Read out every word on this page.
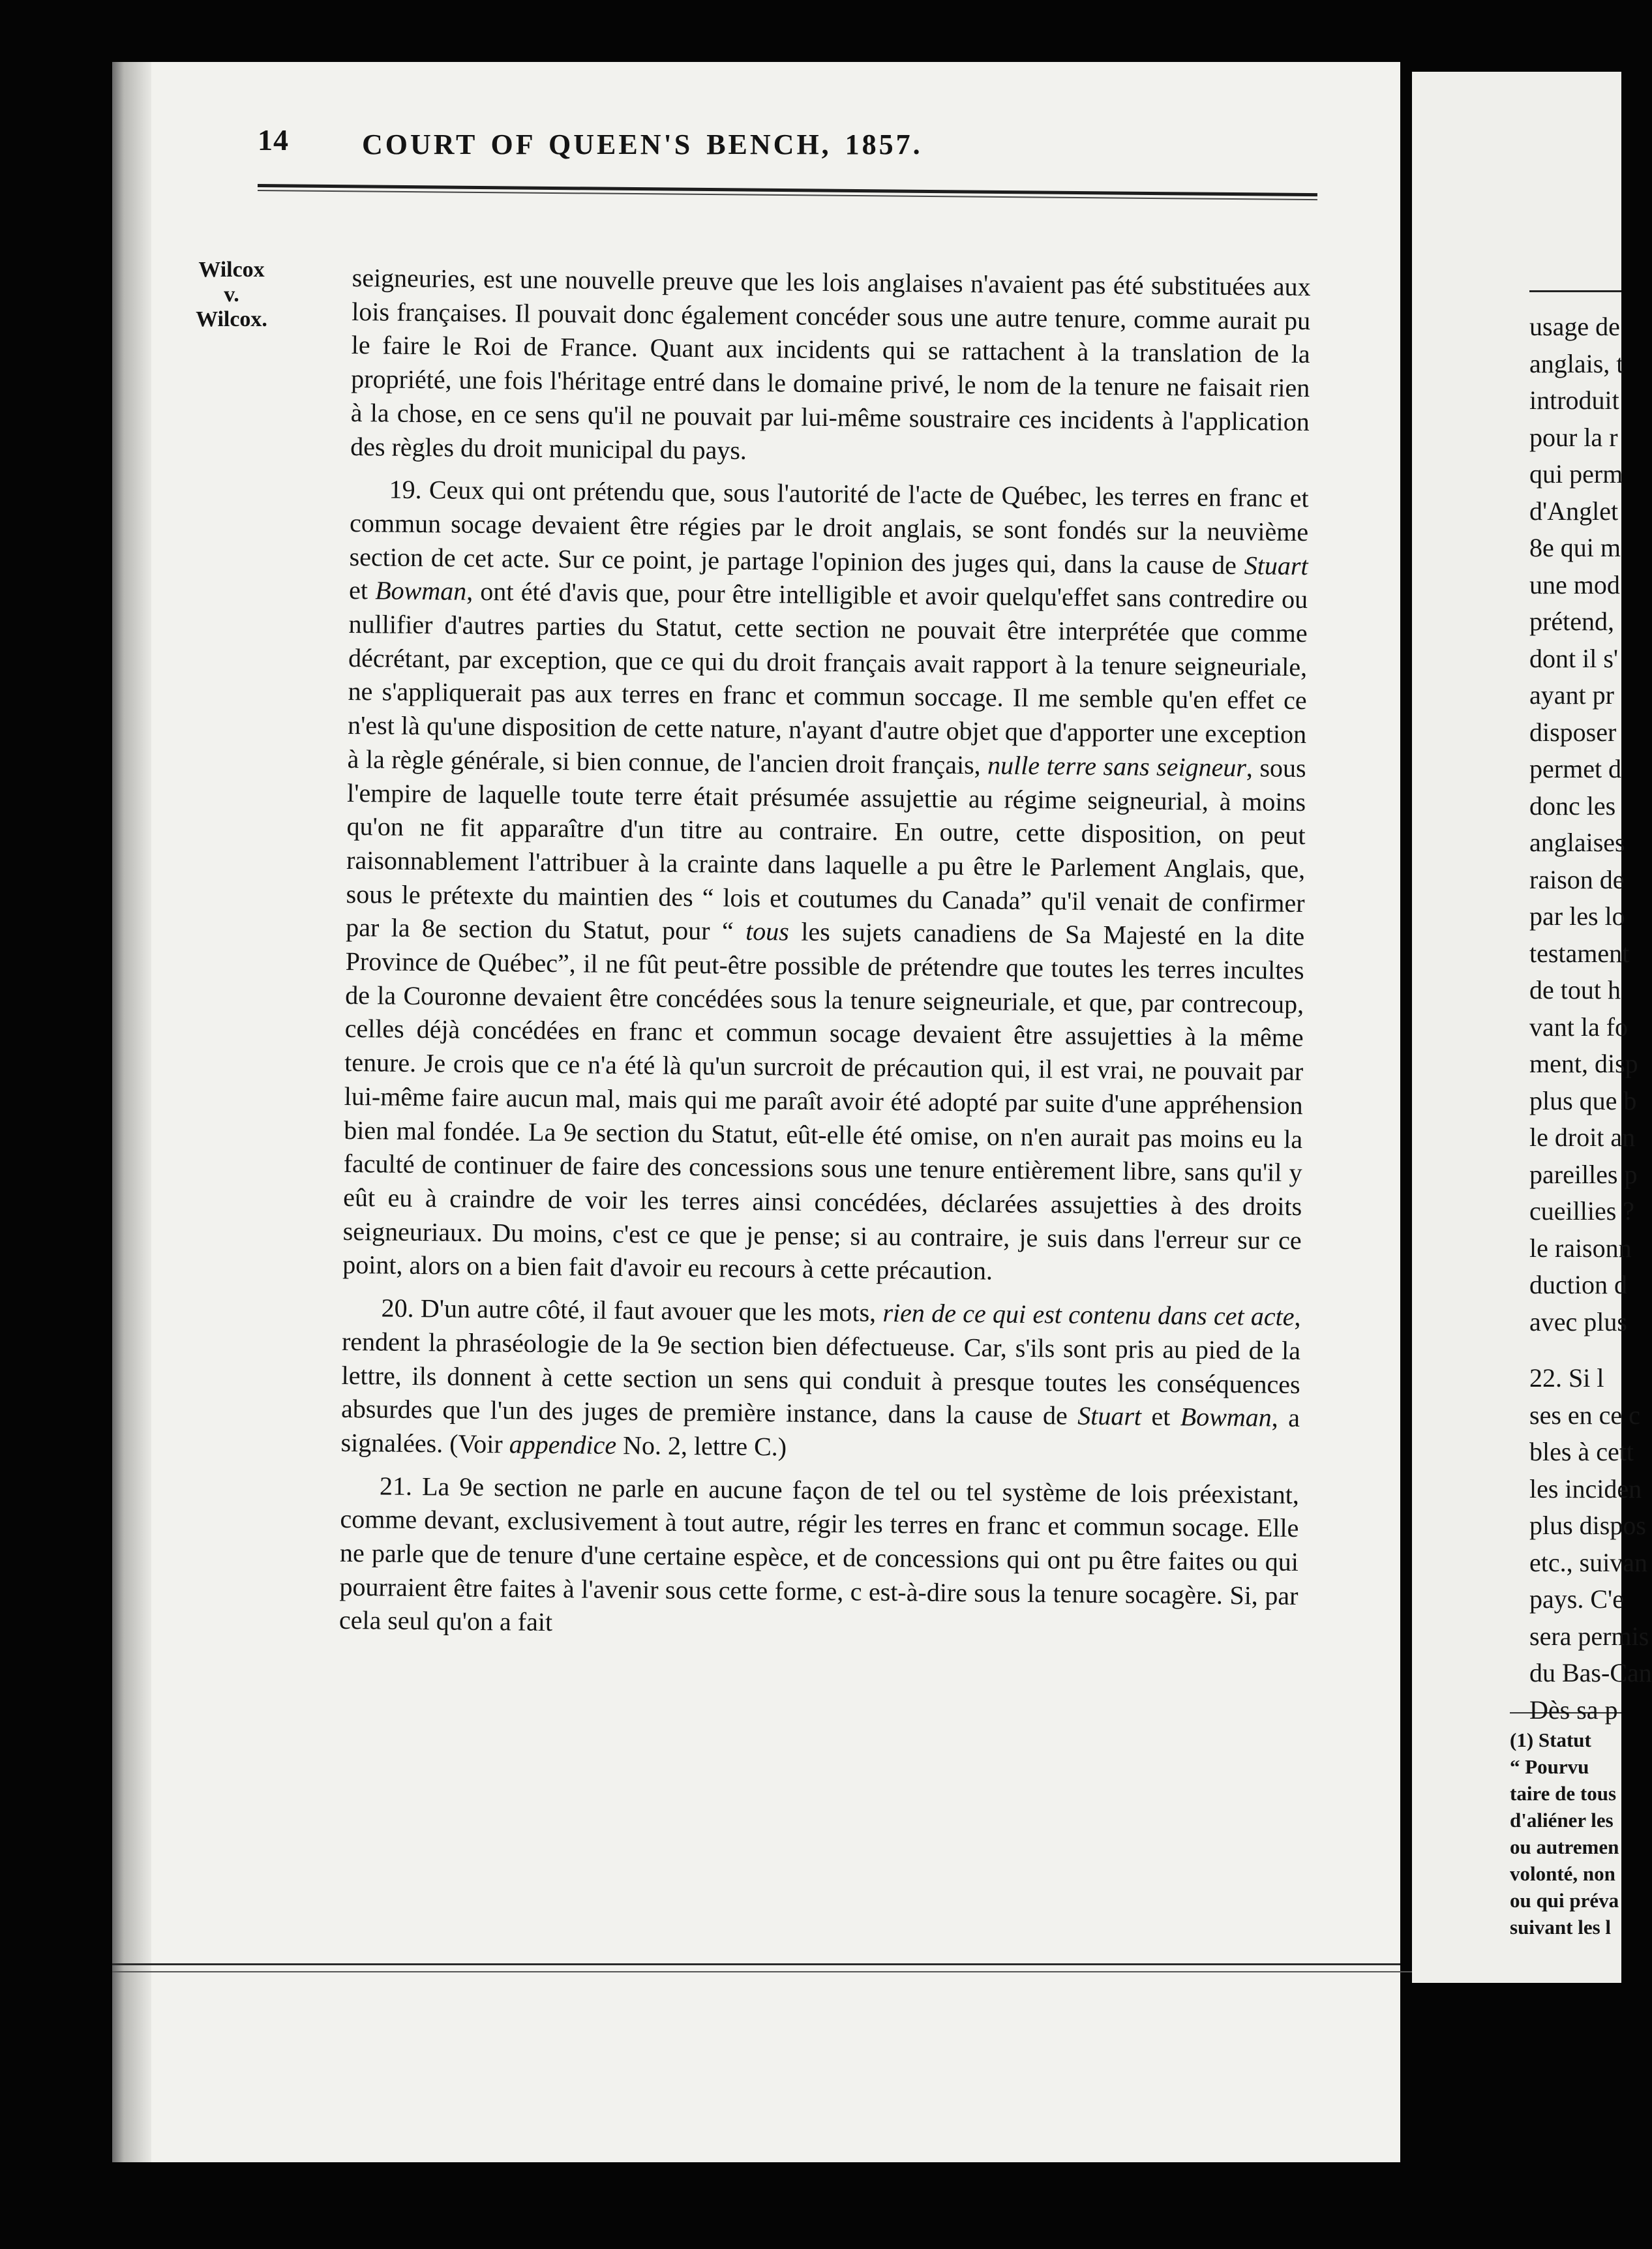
14	COURT OF QUEEN'S BENCH, 1857.
Wilcox
v.
Wilcox.

seigneuries, est une nouvelle preuve que les lois anglaises n'avaient pas été substituées aux lois françaises. Il pouvait donc également concéder sous une autre tenure, comme aurait pu le faire le Roi de France. Quant aux incidents qui se rattachent à la translation de la propriété, une fois l'héritage entré dans le domaine privé, le nom de la tenure ne faisait rien à la chose, en ce sens qu'il ne pouvait par lui-même soustraire ces incidents à l'application des règles du droit municipal du pays.

19. Ceux qui ont prétendu que, sous l'autorité de l'acte de Québec, les terres en franc et commun socage devaient être régies par le droit anglais, se sont fondés sur la neuvième section de cet acte. Sur ce point, je partage l'opinion des juges qui, dans la cause de Stuart et Bowman, ont été d'avis que, pour être intelligible et avoir quelqu'effet sans contredire ou nullifier d'autres parties du Statut, cette section ne pouvait être interprétée que comme décrétant, par exception, que ce qui du droit français avait rapport à la tenure seigneuriale, ne s'appliquerait pas aux terres en franc et commun soccage. Il me semble qu'en effet ce n'est là qu'une disposition de cette nature, n'ayant d'autre objet que d'apporter une exception à la règle générale, si bien connue, de l'ancien droit français, nulle terre sans seigneur, sous l'empire de laquelle toute terre était présumée assujettie au régime seigneurial, à moins qu'on ne fit apparaître d'un titre au contraire. En outre, cette disposition, on peut raisonnablement l'attribuer à la crainte dans laquelle a pu être le Parlement Anglais, que, sous le prétexte du maintien des “ lois et coutumes du Canada” qu'il venait de confirmer par la 8e section du Statut, pour “ tous les sujets canadiens de Sa Majesté en la dite Province de Québec”, il ne fût peut-être possible de prétendre que toutes les terres incultes de la Couronne devaient être concédées sous la tenure seigneuriale, et que, par contrecoup, celles déjà concédées en franc et commun socage devaient être assujetties à la même tenure. Je crois que ce n'a été là qu'un surcroit de précaution qui, il est vrai, ne pouvait par lui-même faire aucun mal, mais qui me paraît avoir été adopté par suite d'une appréhension bien mal fondée. La 9e section du Statut, eût-elle été omise, on n'en aurait pas moins eu la faculté de continuer de faire des concessions sous une tenure entièrement libre, sans qu'il y eût eu à craindre de voir les terres ainsi concédées, déclarées assujetties à des droits seigneuriaux. Du moins, c'est ce que je pense; si au contraire, je suis dans l'erreur sur ce point, alors on a bien fait d'avoir eu recours à cette précaution.

20. D'un autre côté, il faut avouer que les mots, rien de ce qui est contenu dans cet acte, rendent la phraséologie de la 9e section bien défectueuse. Car, s'ils sont pris au pied de la lettre, ils donnent à cette section un sens qui conduit à presque toutes les conséquences absurdes que l'un des juges de première instance, dans la cause de Stuart et Bowman, a signalées. (Voir appendice No. 2, lettre C.)

21. La 9e section ne parle en aucune façon de tel ou tel système de lois préexistant, comme devant, exclusivement à tout autre, régir les terres en franc et commun socage. Elle ne parle que de tenure d'une certaine espèce, et de concessions qui ont pu être faites ou qui pourraient être faites à l'avenir sous cette forme, c est-à-dire sous la tenure socagère. Si, par cela seul qu'on a fait

usage de
anglais, t
introduit
pour la r
qui perm
d'Anglet
8e qui m
une mod
prétend,
dont il s'
ayant pr
disposer
permet d
donc les
anglaises
raison de
par les lo
testament
de tout h
vant la fo
ment, disp
plus que b
le droit an
pareilles p
cueillies ?
le raisonn
duction d
avec plus
22. Si l
ses en ce c
bles à cett
les inciden
plus dispos
etc., suivan
pays. C'e
sera permis
du Bas-Can
Dès sa p
(1) Statut
“ Pourvu
taire de tous
d'aliéner les
ou autremen
volonté, non
ou qui préva
suivant les l
